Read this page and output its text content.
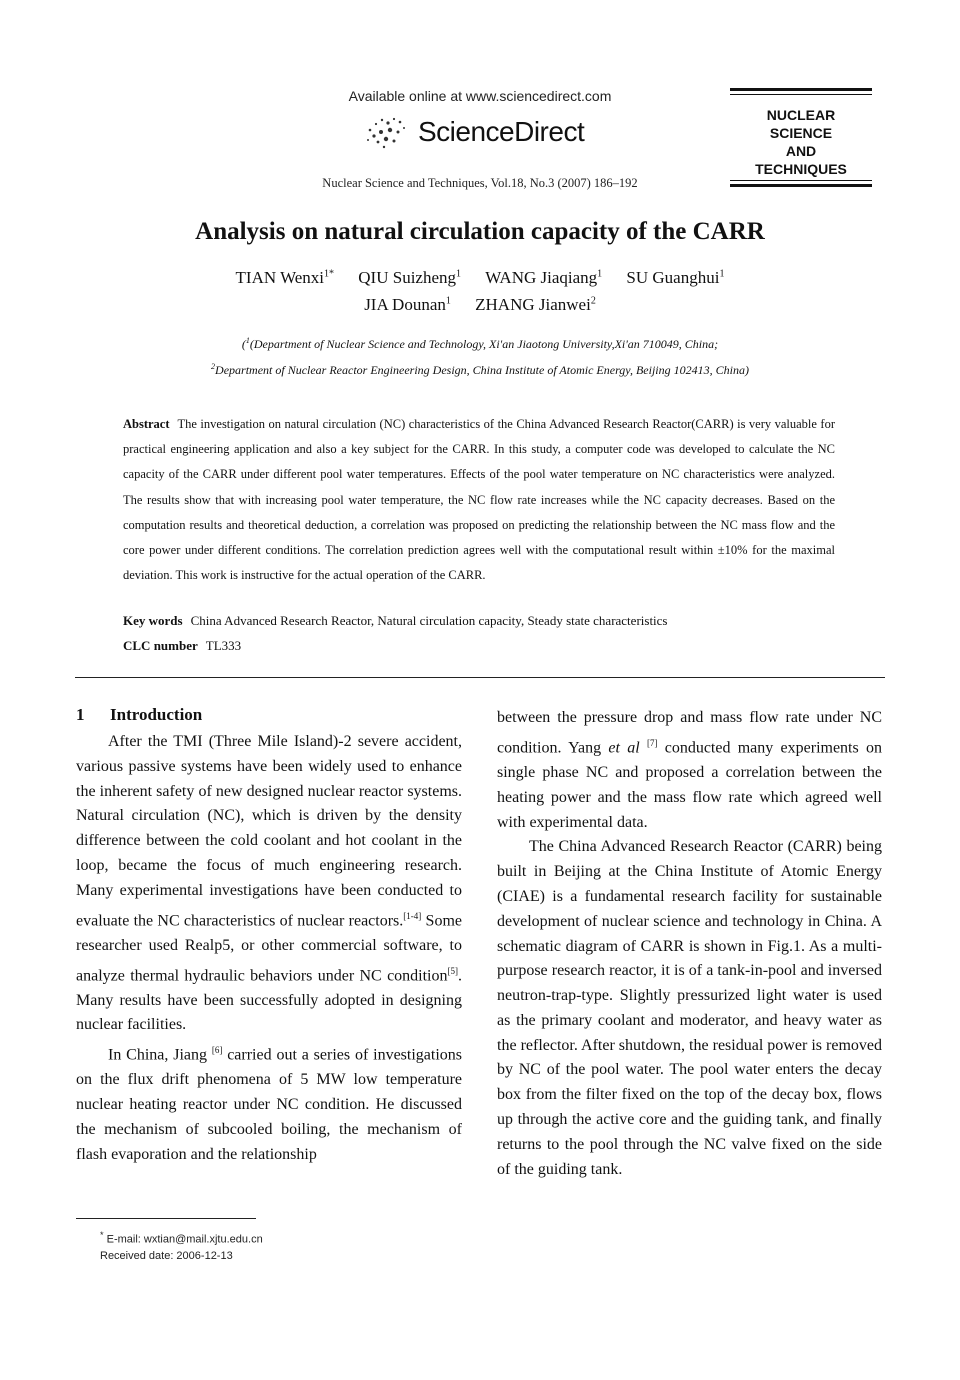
Available online at www.sciencedirect.com
ScienceDirect
Nuclear Science and Techniques, Vol.18, No.3 (2007) 186–192
NUCLEAR
SCIENCE
AND
TECHNIQUES
Analysis on natural circulation capacity of the CARR
TIAN Wenxi$^{1*}$ QIU Suizheng$^1$ WANG Jiaqiang$^1$ SU Guanghui$^1$
JIA Dounan$^1$ ZHANG Jianwei$^2$
($^1$(Department of Nuclear Science and Technology, Xi'an Jiaotong University,Xi'an 710049, China;
$^2$Department of Nuclear Reactor Engineering Design, China Institute of Atomic Energy, Beijing 102413, China)
Abstract The investigation on natural circulation (NC) characteristics of the China Advanced Research Reactor(CARR) is very valuable for practical engineering application and also a key subject for the CARR. In this study, a computer code was developed to calculate the NC capacity of the CARR under different pool water temperatures. Effects of the pool water temperature on NC characteristics were analyzed. The results show that with increasing pool water temperature, the NC flow rate increases while the NC capacity decreases. Based on the computation results and theoretical deduction, a correlation was proposed on predicting the relationship between the NC mass flow and the core power under different conditions. The correlation prediction agrees well with the computational result within ±10% for the maximal deviation. This work is instructive for the actual operation of the CARR.
Key words China Advanced Research Reactor, Natural circulation capacity, Steady state characteristics
CLC number TL333
1 Introduction

After the TMI (Three Mile Island)-2 severe accident, various passive systems have been widely used to enhance the inherent safety of new designed nuclear reactor systems. Natural circulation (NC), which is driven by the density difference between the cold coolant and hot coolant in the loop, became the focus of much engineering research. Many experimental investigations have been conducted to evaluate the NC characteristics of nuclear reactors.[1-4] Some researcher used Realp5, or other commercial software, to analyze thermal hydraulic behaviors under NC condition[5]. Many results have been successfully adopted in designing nuclear facilities.

In China, Jiang [6] carried out a series of investigations on the flux drift phenomena of 5 MW low temperature nuclear heating reactor under NC condition. He discussed the mechanism of subcooled boiling, the mechanism of flash evaporation and the relationship

between the pressure drop and mass flow rate under NC condition. Yang et al [7] conducted many experiments on single phase NC and proposed a correlation between the heating power and the mass flow rate which agreed well with experimental data.

The China Advanced Research Reactor (CARR) being built in Beijing at the China Institute of Atomic Energy (CIAE) is a fundamental research facility for sustainable development of nuclear science and technology in China. A schematic diagram of CARR is shown in Fig.1. As a multi-purpose research reactor, it is of a tank-in-pool and inversed neutron-trap-type. Slightly pressurized light water is used as the primary coolant and moderator, and heavy water as the reflector. After shutdown, the residual power is removed by NC of the pool water. The pool water enters the decay box from the filter fixed on the top of the decay box, flows up through the active core and the guiding tank, and finally returns to the pool through the NC valve fixed on the side of the guiding tank.

* E-mail: wxtian@mail.xjtu.edu.cn
Received date: 2006-12-13
